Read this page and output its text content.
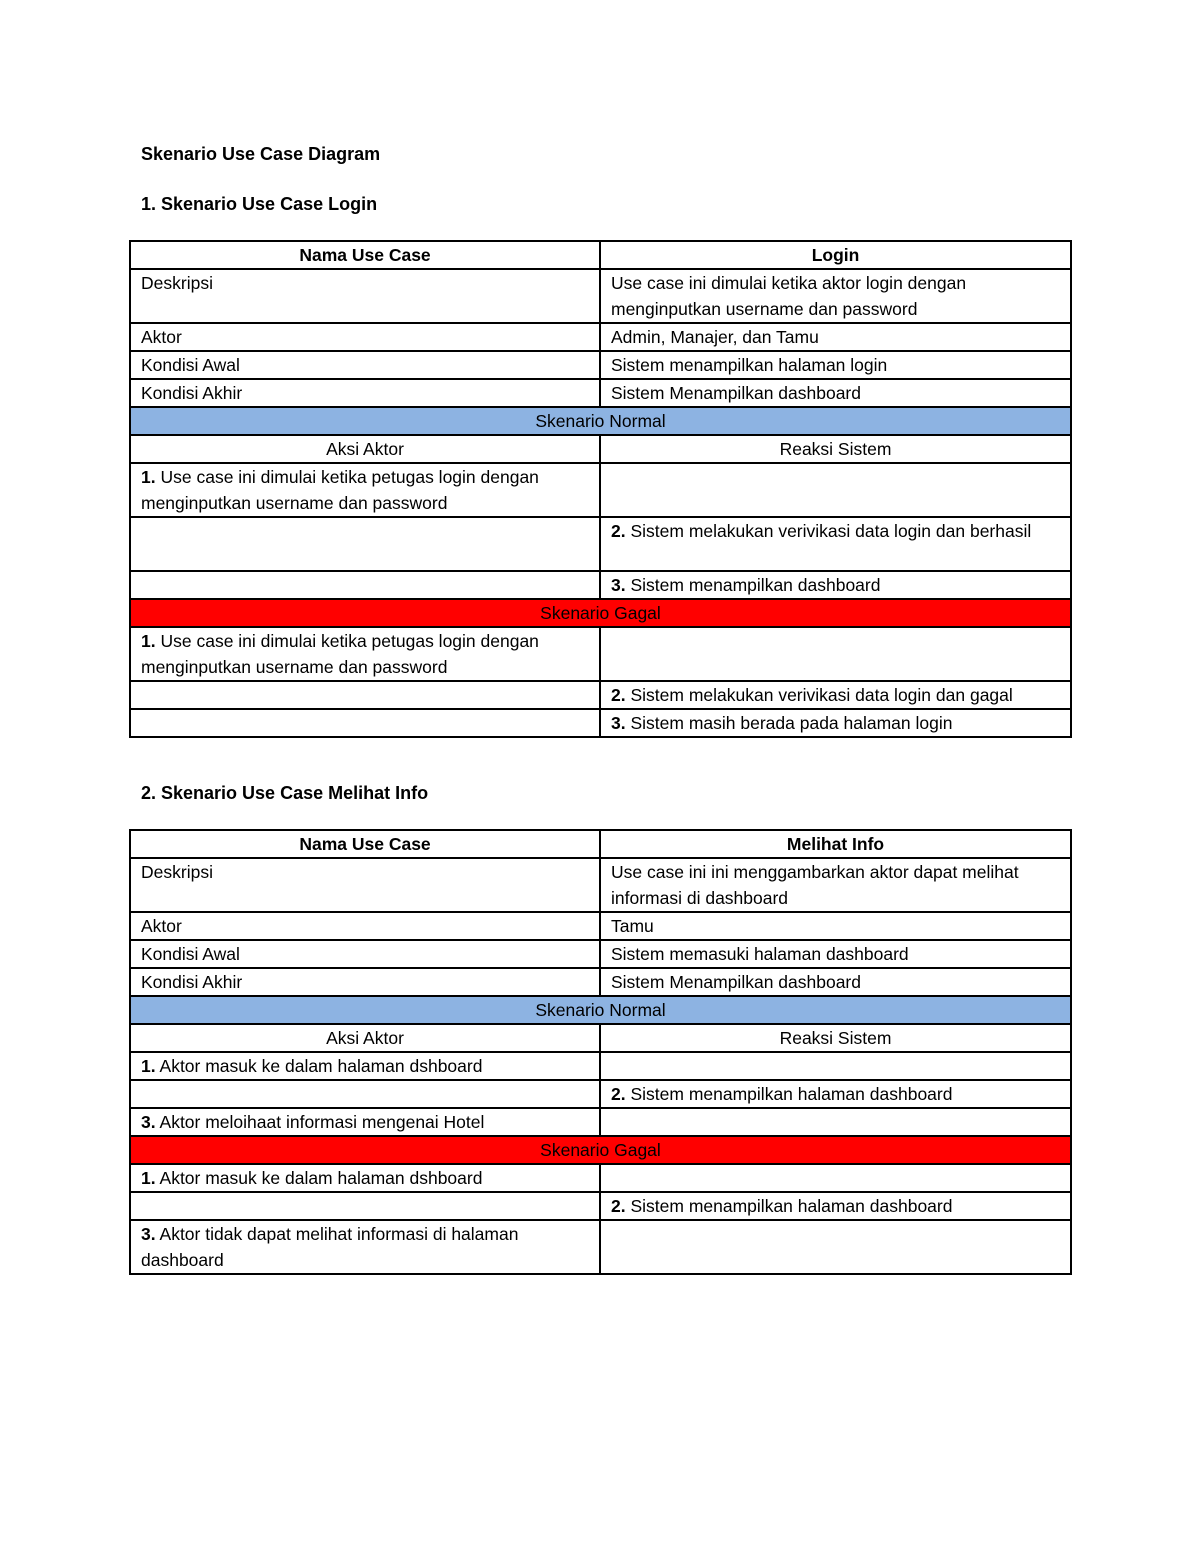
Skenario Use Case Diagram
1. Skenario Use Case Login
Nama Use Case	Login
Deskripsi	Use case ini dimulai ketika aktor login dengan menginputkan username dan password
Aktor	Admin, Manajer, dan Tamu
Kondisi Awal	Sistem menampilkan halaman login
Kondisi Akhir	Sistem Menampilkan dashboard
Skenario Normal	
Aksi Aktor	Reaksi Sistem
1. Use case ini dimulai ketika petugas login dengan menginputkan username dan password	
	2. Sistem melakukan verivikasi data login dan berhasil
	3. Sistem menampilkan dashboard
Skenario Gagal	
1. Use case ini dimulai ketika petugas login dengan menginputkan username dan password	
	2. Sistem melakukan verivikasi data login dan gagal
	3. Sistem masih berada pada halaman login
2. Skenario Use Case Melihat Info
Nama Use Case	Melihat Info
Deskripsi	Use case ini ini menggambarkan aktor dapat melihat informasi di dashboard
Aktor	Tamu
Kondisi Awal	Sistem memasuki halaman dashboard
Kondisi Akhir	Sistem Menampilkan dashboard
Skenario Normal	
Aksi Aktor	Reaksi Sistem
1. Aktor masuk ke dalam halaman dshboard	
	2. Sistem menampilkan halaman dashboard
3. Aktor meloihaat informasi mengenai Hotel	
Skenario Gagal	
1. Aktor masuk ke dalam halaman dshboard	
	2. Sistem menampilkan halaman dashboard
3. Aktor tidak dapat melihat informasi di halaman dashboard	
